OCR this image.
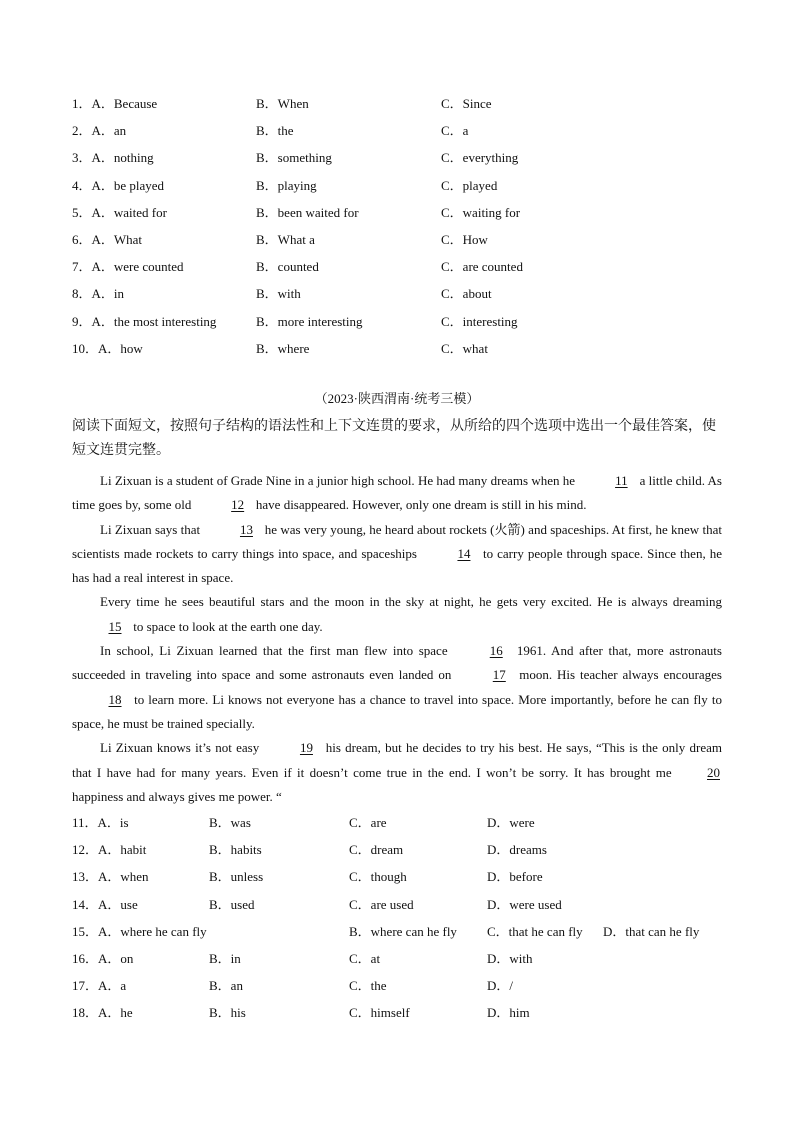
1．A．Because	B．When	C．Since
2．A．an	B．the	C．a
3．A．nothing	B．something	C．everything
4．A．be played	B．playing	C．played
5．A．waited for	B．been waited for	C．waiting for
6．A．What	B．What a	C．How
7．A．were counted	B．counted	C．are counted
8．A．in	B．with	C．about
9．A．the most interesting	B．more interesting	C．interesting
10．A．how	B．where	C．what
（2023·陕西渭南·统考三模）
阅读下面短文，按照句子结构的语法性和上下文连贯的要求，从所给的四个选项中选出一个最佳答案，使短文连贯完整。

Li Zixuan is a student of Grade Nine in a junior high school. He had many dreams when he	11 a little child. As time goes by, some old	12 have disappeared. However, only one dream is still in his mind.

Li Zixuan says that	13 he was very young, he heard about rockets (火箭) and spaceships. At first, he knew that scientists made rockets to carry things into space, and spaceships	14 to carry people through space. Since then, he has had a real interest in space.

Every time he sees beautiful stars and the moon in the sky at night, he gets very excited. He is always dreaming 15 to space to look at the earth one day.

In school, Li Zixuan learned that the first man flew into space	16 1961. And after that, more astronauts succeeded in traveling into space and some astronauts even landed on	17 moon. His teacher always encourages 18 to learn more. Li knows not everyone has a chance to travel into space. More importantly, before he can fly to space, he must be trained specially.

Li Zixuan knows it’s not easy	19 his dream, but he decides to try his best. He says, “This is the only dream that I have had for many years. Even if it doesn’t come true in the end. I won’t be sorry. It has brought me 20 happiness and always gives me power. “

11．A．is	B．was	C．are	D．were
12．A．habit	B．habits	C．dream	D．dreams
13．A．when	B．unless	C．though	D．before
14．A．use	B．used	C．are used	D．were used
15．A．where he can fly	B．where can he fly C．that he can fly D．that can he fly
16．A．on	B．in	C．at	D．with
17．A．a	B．an	C．the	D．/
18．A．he	B．his	C．himself	D．him
